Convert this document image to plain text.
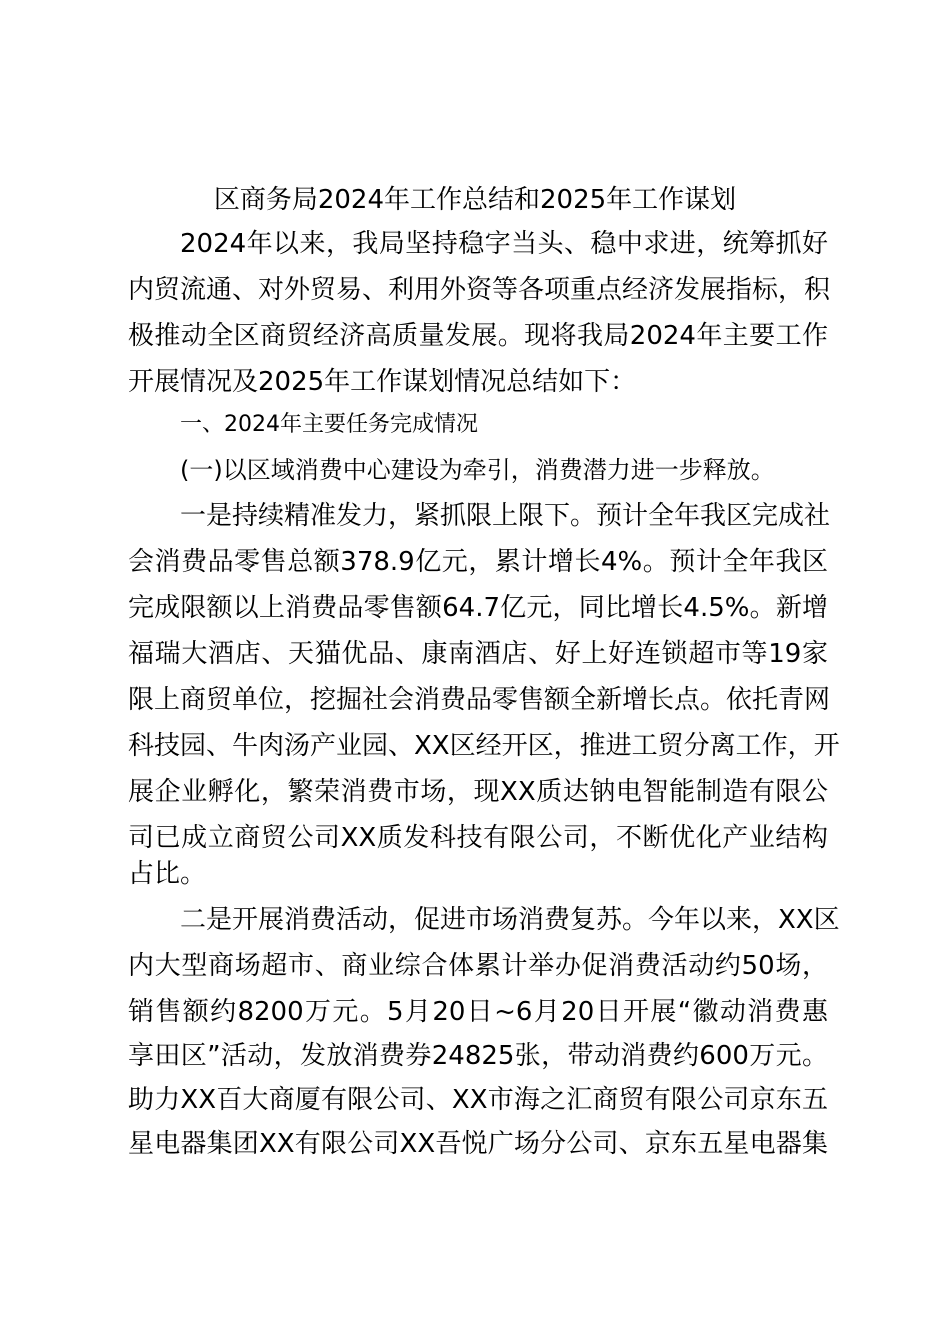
区商务局2024年工作总结和2025年工作谋划
2024年以来，我局坚持稳字当头、稳中求进，统筹抓好
内贸流通、对外贸易、利用外资等各项重点经济发展指标，积
极推动全区商贸经济高质量发展。现将我局2024年主要工作
开展情况及2025年工作谋划情况总结如下：
一、2024年主要任务完成情况
(一)以区域消费中心建设为牵引，消费潜力进一步释放。
一是持续精准发力，紧抓限上限下。预计全年我区完成社
会消费品零售总额378.9亿元，累计增长4%。预计全年我区
完成限额以上消费品零售额64.7亿元，同比增长4.5%。新增
福瑞大酒店、天猫优品、康南酒店、好上好连锁超市等19家
限上商贸单位，挖掘社会消费品零售额全新增长点。依托青网
科技园、牛肉汤产业园、XX区经开区，推进工贸分离工作，开
展企业孵化，繁荣消费市场，现XX质达钠电智能制造有限公
司已成立商贸公司XX质发科技有限公司，不断优化产业结构
占比。
二是开展消费活动，促进市场消费复苏。今年以来，XX区
内大型商场超市、商业综合体累计举办促消费活动约50场，
销售额约8200万元。5月20日~6月20日开展“徽动消费惠
享田区”活动，发放消费券24825张，带动消费约600万元。
助力XX百大商厦有限公司、XX市海之汇商贸有限公司京东五
星电器集团XX有限公司XX吾悦广场分公司、京东五星电器集
